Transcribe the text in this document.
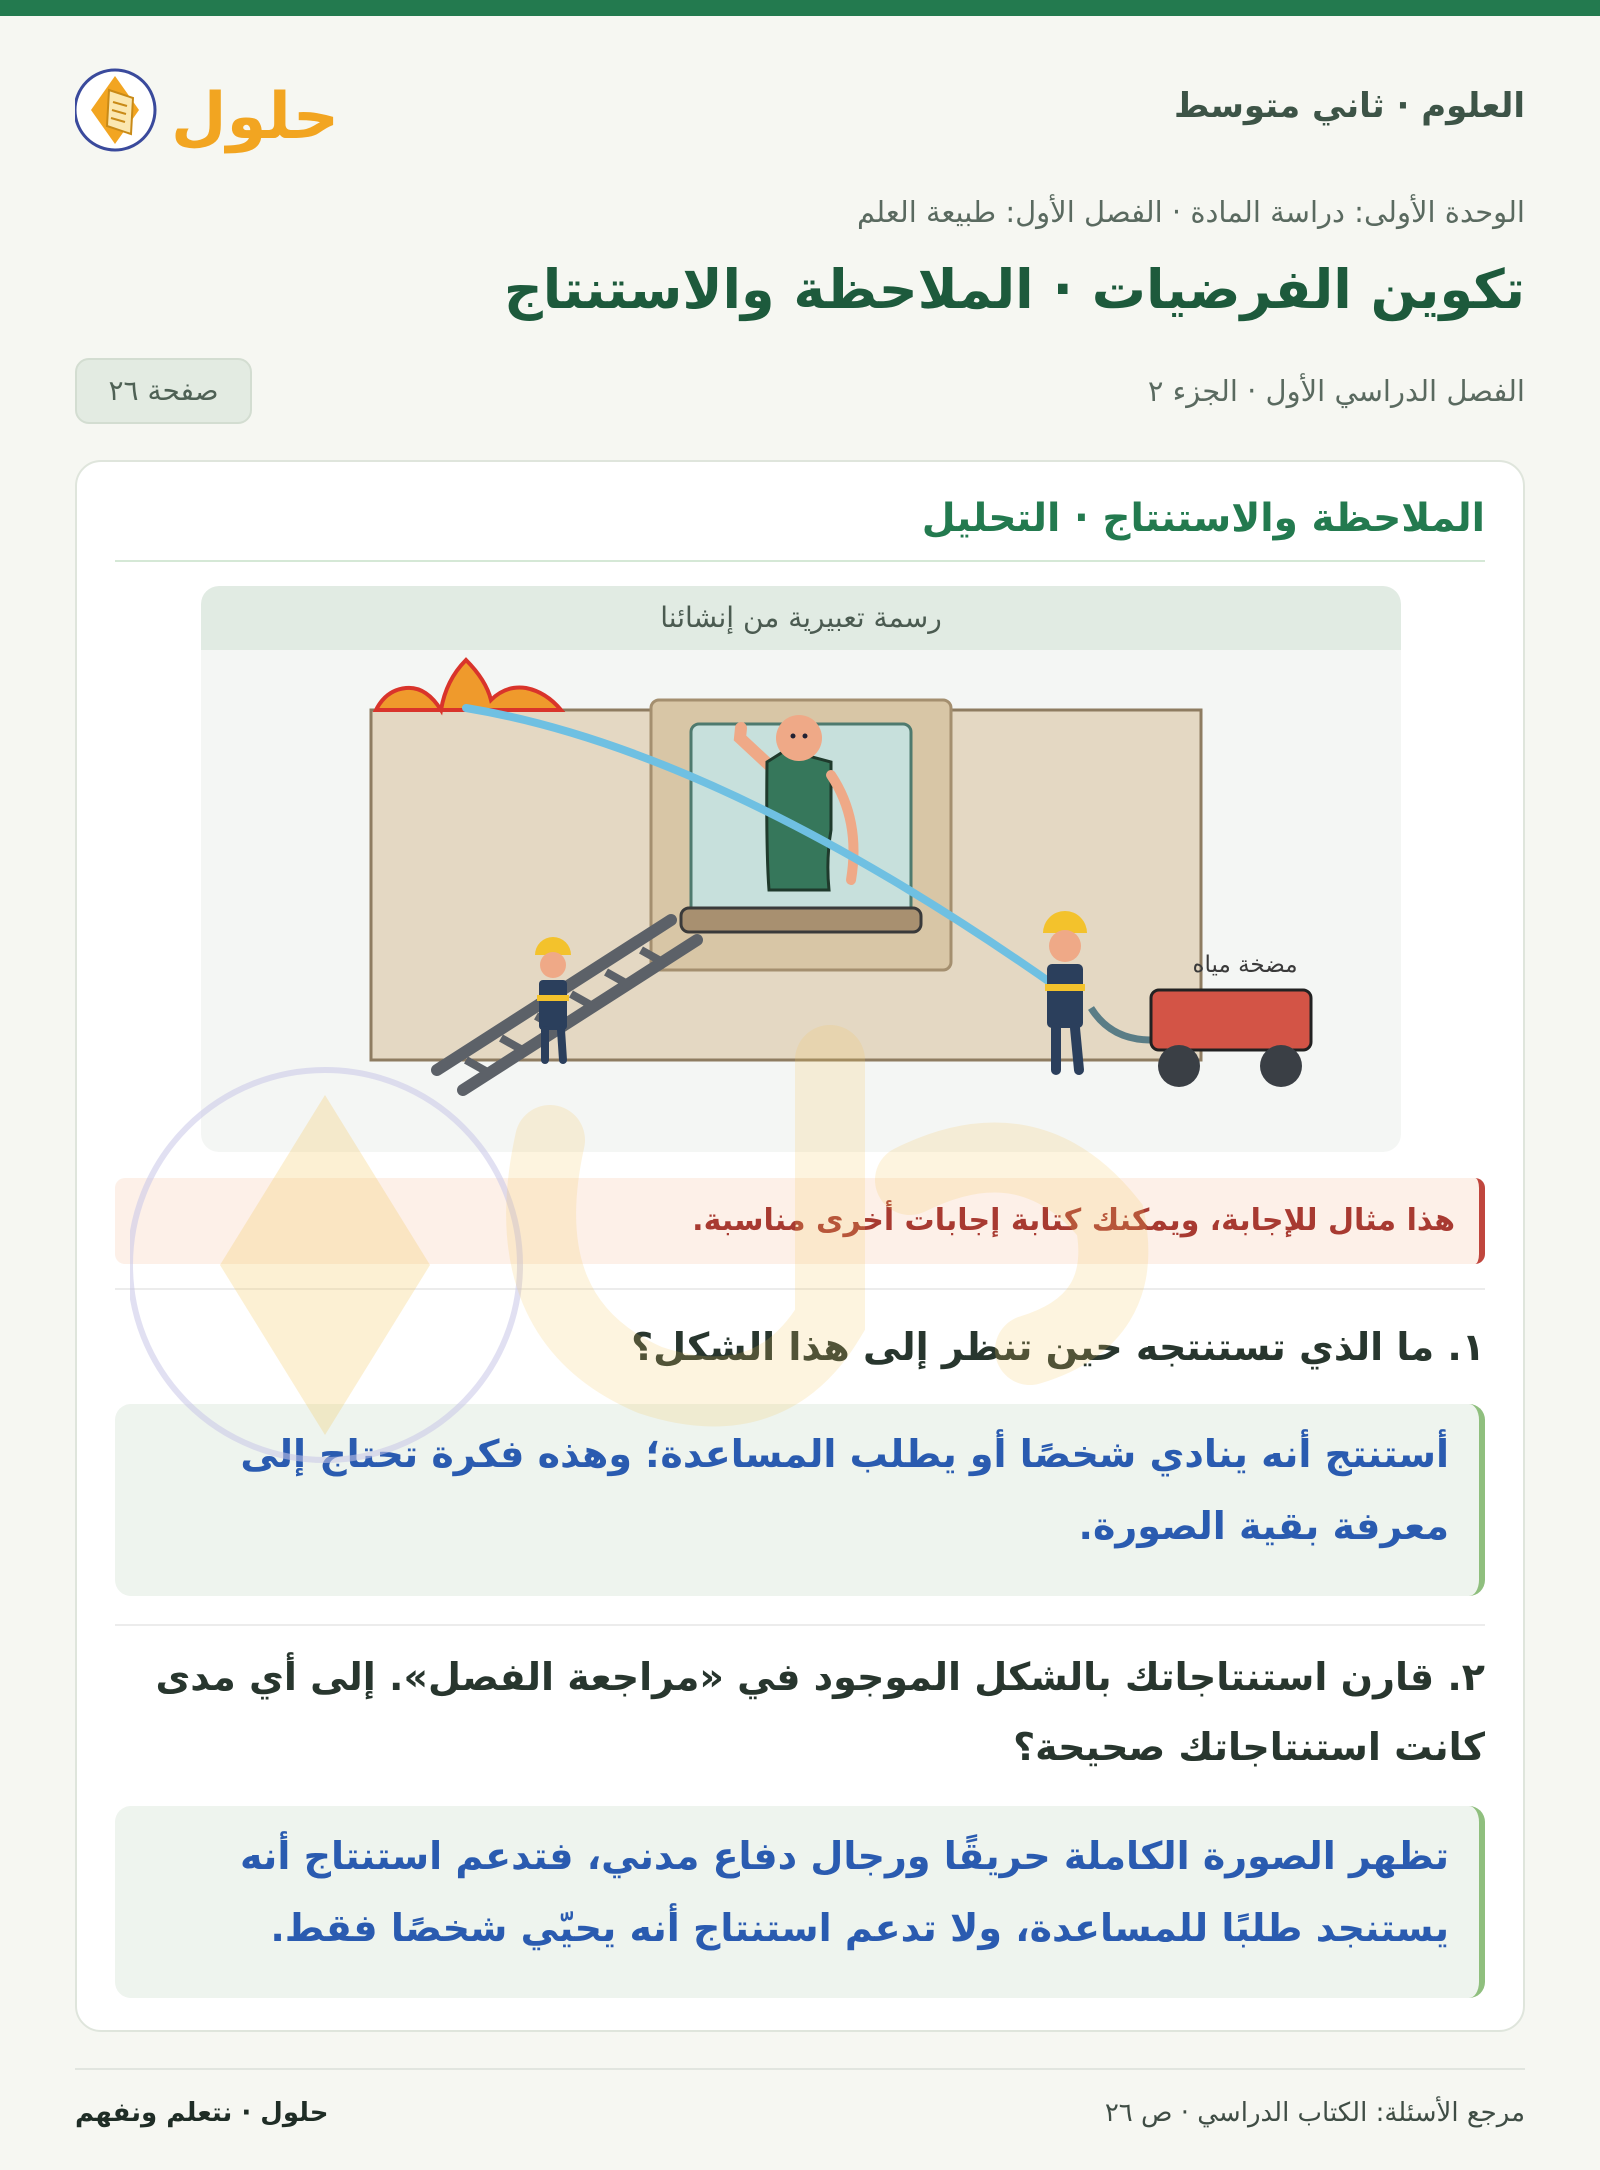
العلوم · ثاني متوسط
حلول
الوحدة الأولى: دراسة المادة · الفصل الأول: طبيعة العلم
تكوين الفرضيات · الملاحظة والاستنتاج
الفصل الدراسي الأول · الجزء ٢
صفحة ٢٦
الملاحظة والاستنتاج · التحليل
رسمة تعبيرية من إنشائنا
مضخة مياه
هذا مثال للإجابة، ويمكنك كتابة إجابات أخرى مناسبة.
١. ما الذي تستنتجه حين تنظر إلى هذا الشكل؟
أستنتج أنه ينادي شخصًا أو يطلب المساعدة؛ وهذه فكرة تحتاج إلى معرفة بقية الصورة.
٢. قارن استنتاجاتك بالشكل الموجود في «مراجعة الفصل». إلى أي مدى كانت استنتاجاتك صحيحة؟
تظهر الصورة الكاملة حريقًا ورجال دفاع مدني، فتدعم استنتاج أنه يستنجد طلبًا للمساعدة، ولا تدعم استنتاج أنه يحيّي شخصًا فقط.
مرجع الأسئلة: الكتاب الدراسي · ص ٢٦
حلول · نتعلم ونفهم
